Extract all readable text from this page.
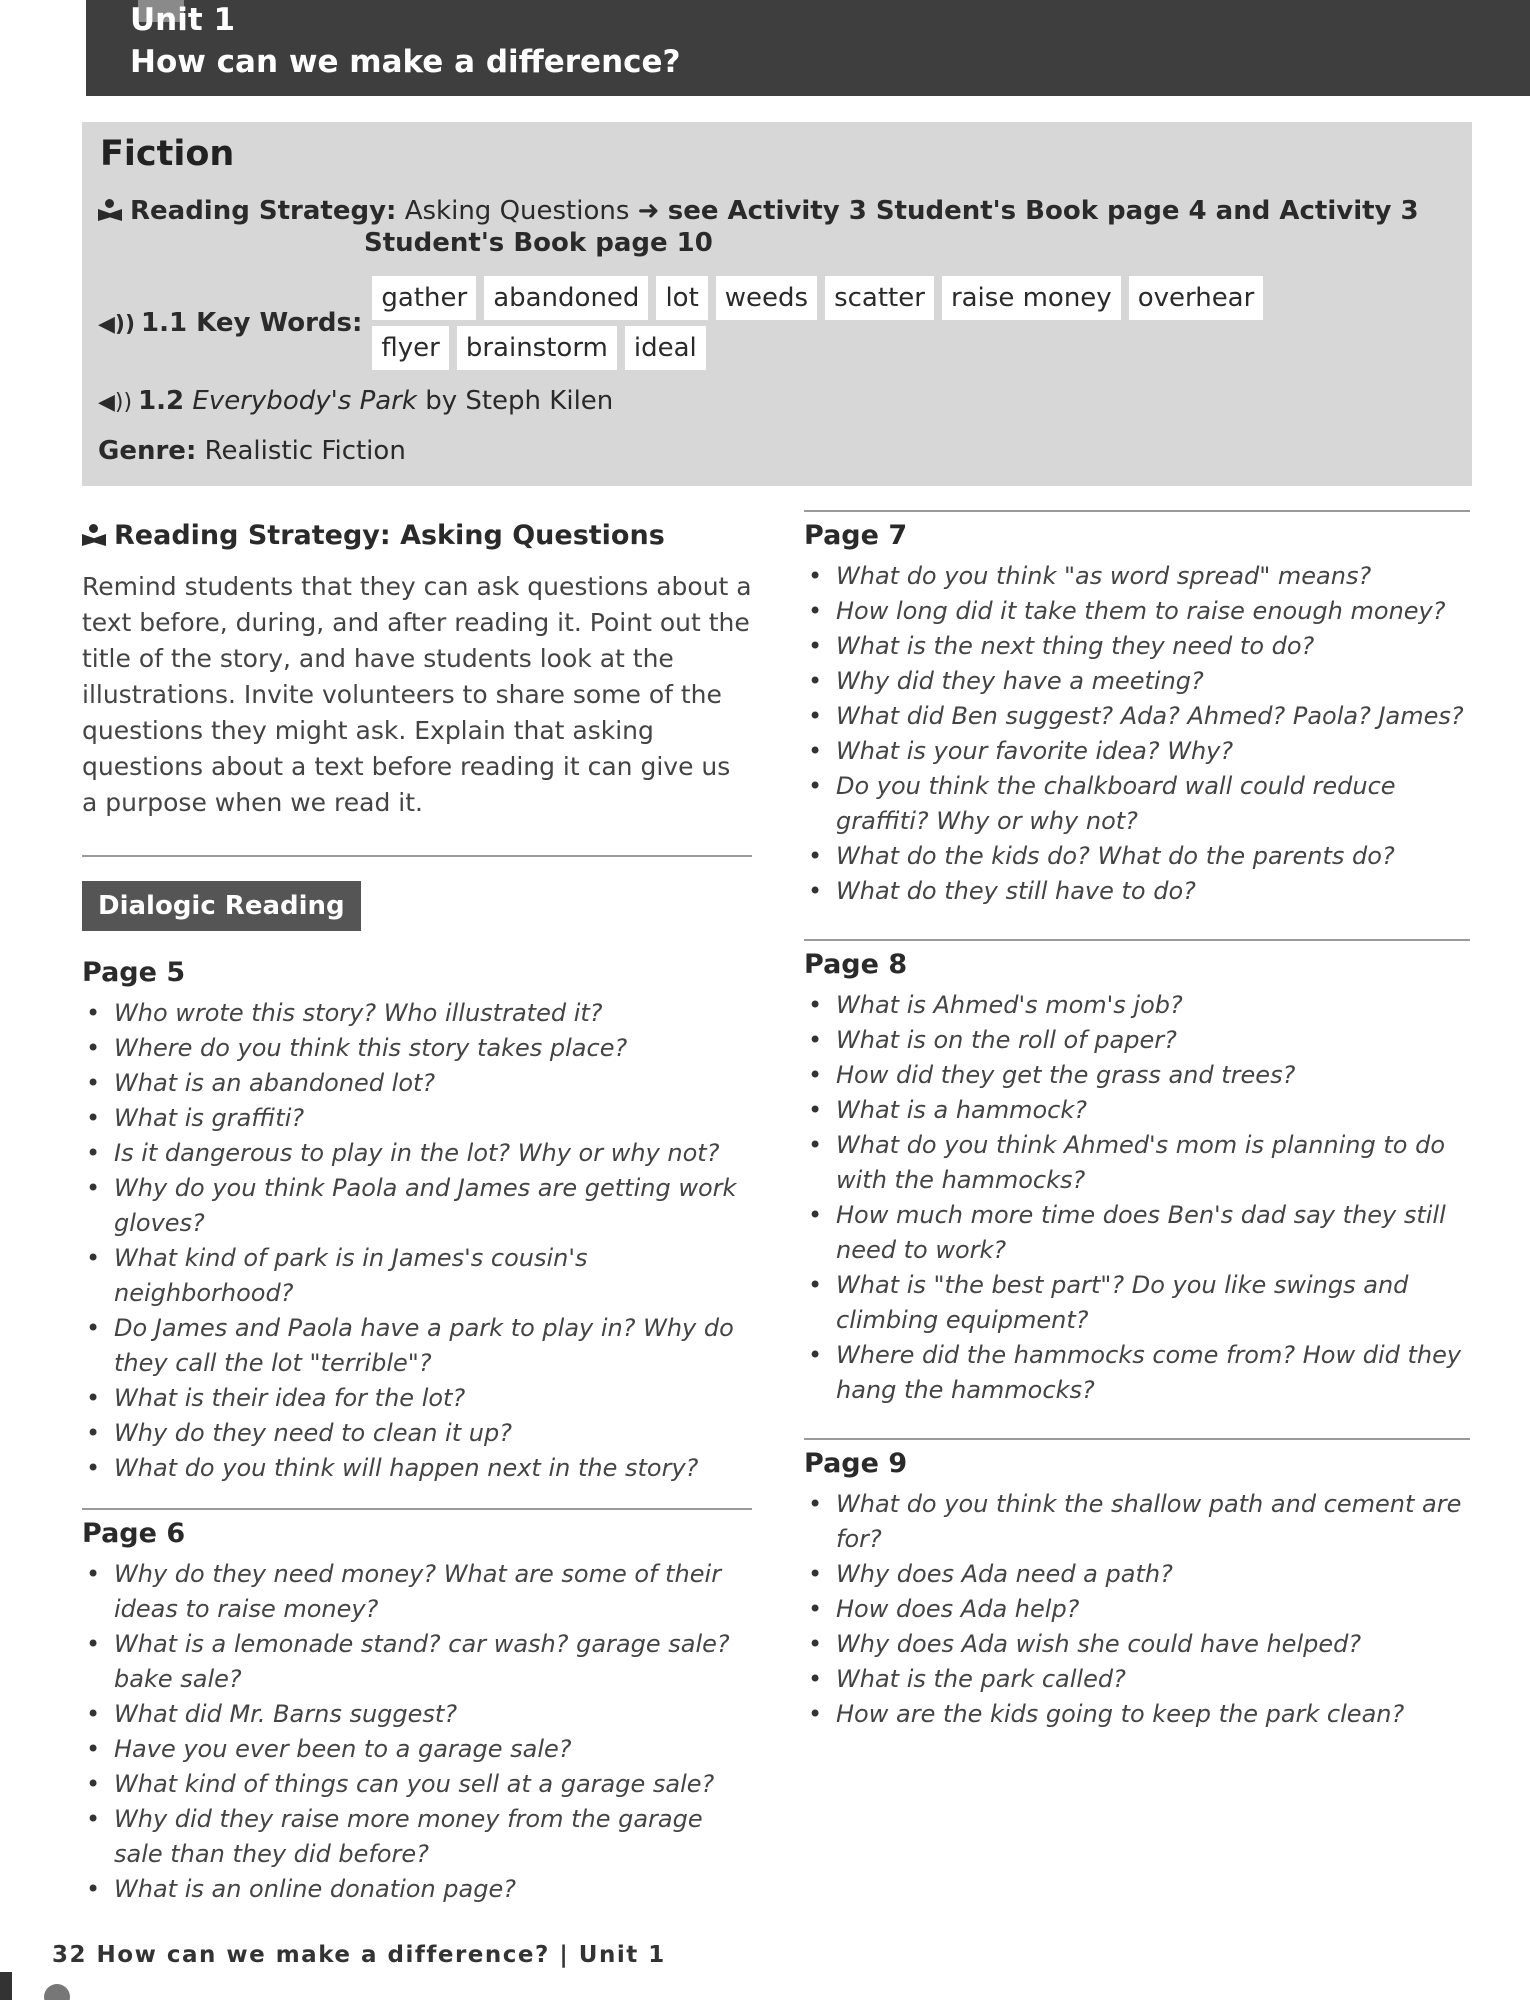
Unit 1
How can we make a difference?
Fiction
Reading Strategy: Asking Questions ➜ see Activity 3 Student's Book page 4 and Activity 3
Student's Book page 10
◀)) 1.1 Key Words:
gather	abandoned	lot	weeds	scatter	raise money	overhear
flyer	brainstorm	ideal
◀)) 1.2 Everybody's Park by Steph Kilen
Genre: Realistic Fiction
Reading Strategy: Asking Questions

Remind students that they can ask questions about a text before, during, and after reading it. Point out the title of the story, and have students look at the illustrations. Invite volunteers to share some of the questions they might ask. Explain that asking questions about a text before reading it can give us a purpose when we read it.

Dialogic Reading
Page 5
• Who wrote this story? Who illustrated it?
• Where do you think this story takes place?
• What is an abandoned lot?
• What is graffiti?
• Is it dangerous to play in the lot? Why or why not?
• Why do you think Paola and James are getting work gloves?
• What kind of park is in James's cousin's neighborhood?
• Do James and Paola have a park to play in? Why do they call the lot "terrible"?
• What is their idea for the lot?
• Why do they need to clean it up?
• What do you think will happen next in the story?
Page 6
• Why do they need money? What are some of their ideas to raise money?
• What is a lemonade stand? car wash? garage sale? bake sale?
• What did Mr. Barns suggest?
• Have you ever been to a garage sale?
• What kind of things can you sell at a garage sale?
• Why did they raise more money from the garage sale than they did before?
• What is an online donation page?
Page 7
• What do you think "as word spread" means?
• How long did it take them to raise enough money?
• What is the next thing they need to do?
• Why did they have a meeting?
• What did Ben suggest? Ada? Ahmed? Paola? James?
• What is your favorite idea? Why?
• Do you think the chalkboard wall could reduce graffiti? Why or why not?
• What do the kids do? What do the parents do?
• What do they still have to do?
Page 8
• What is Ahmed's mom's job?
• What is on the roll of paper?
• How did they get the grass and trees?
• What is a hammock?
• What do you think Ahmed's mom is planning to do with the hammocks?
• How much more time does Ben's dad say they still need to work?
• What is "the best part"? Do you like swings and climbing equipment?
• Where did the hammocks come from? How did they hang the hammocks?
Page 9
• What do you think the shallow path and cement are for?
• Why does Ada need a path?
• How does Ada help?
• Why does Ada wish she could have helped?
• What is the park called?
• How are the kids going to keep the park clean?
32 How can we make a difference? | Unit 1
